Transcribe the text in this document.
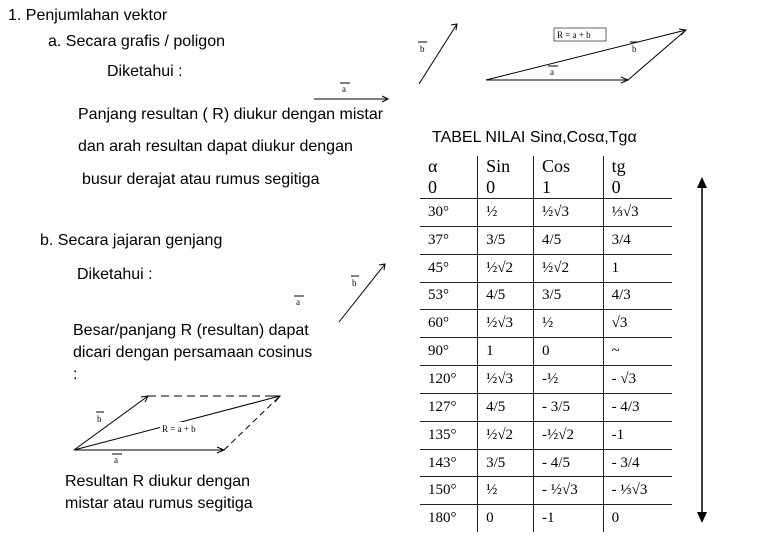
1. Penjumlahan vektor
a. Secara grafis / poligon
Diketahui :
Panjang resultan ( R) diukur dengan mistar
dan arah resultan dapat diukur dengan
busur derajat atau rumus segitiga
b. Secara jajaran genjang
Diketahui :
Besar/panjang R (resultan) dapat
dicari dengan persamaan cosinus
:
Resultan R diukur dengan
mistar atau rumus segitiga
a
b
R = a + b
a
b
a
b
b
a
R = a + b
TABEL NILAI Sinα,Cosα,Tgα
α	Sin	Cos	tg
0	0	1	0
30°	½	½√3	⅓√3
37°	3/5	4/5	3/4
45°	½√2	½√2	1
53°	4/5	3/5	4/3
60°	½√3	½	√3
90°	1	0	~
120°	½√3	-½	- √3
127°	4/5	- 3/5	- 4/3
135°	½√2	-½√2	-1
143°	3/5	- 4/5	- 3/4
150°	½	- ½√3	- ⅓√3
180°	0	-1	0
